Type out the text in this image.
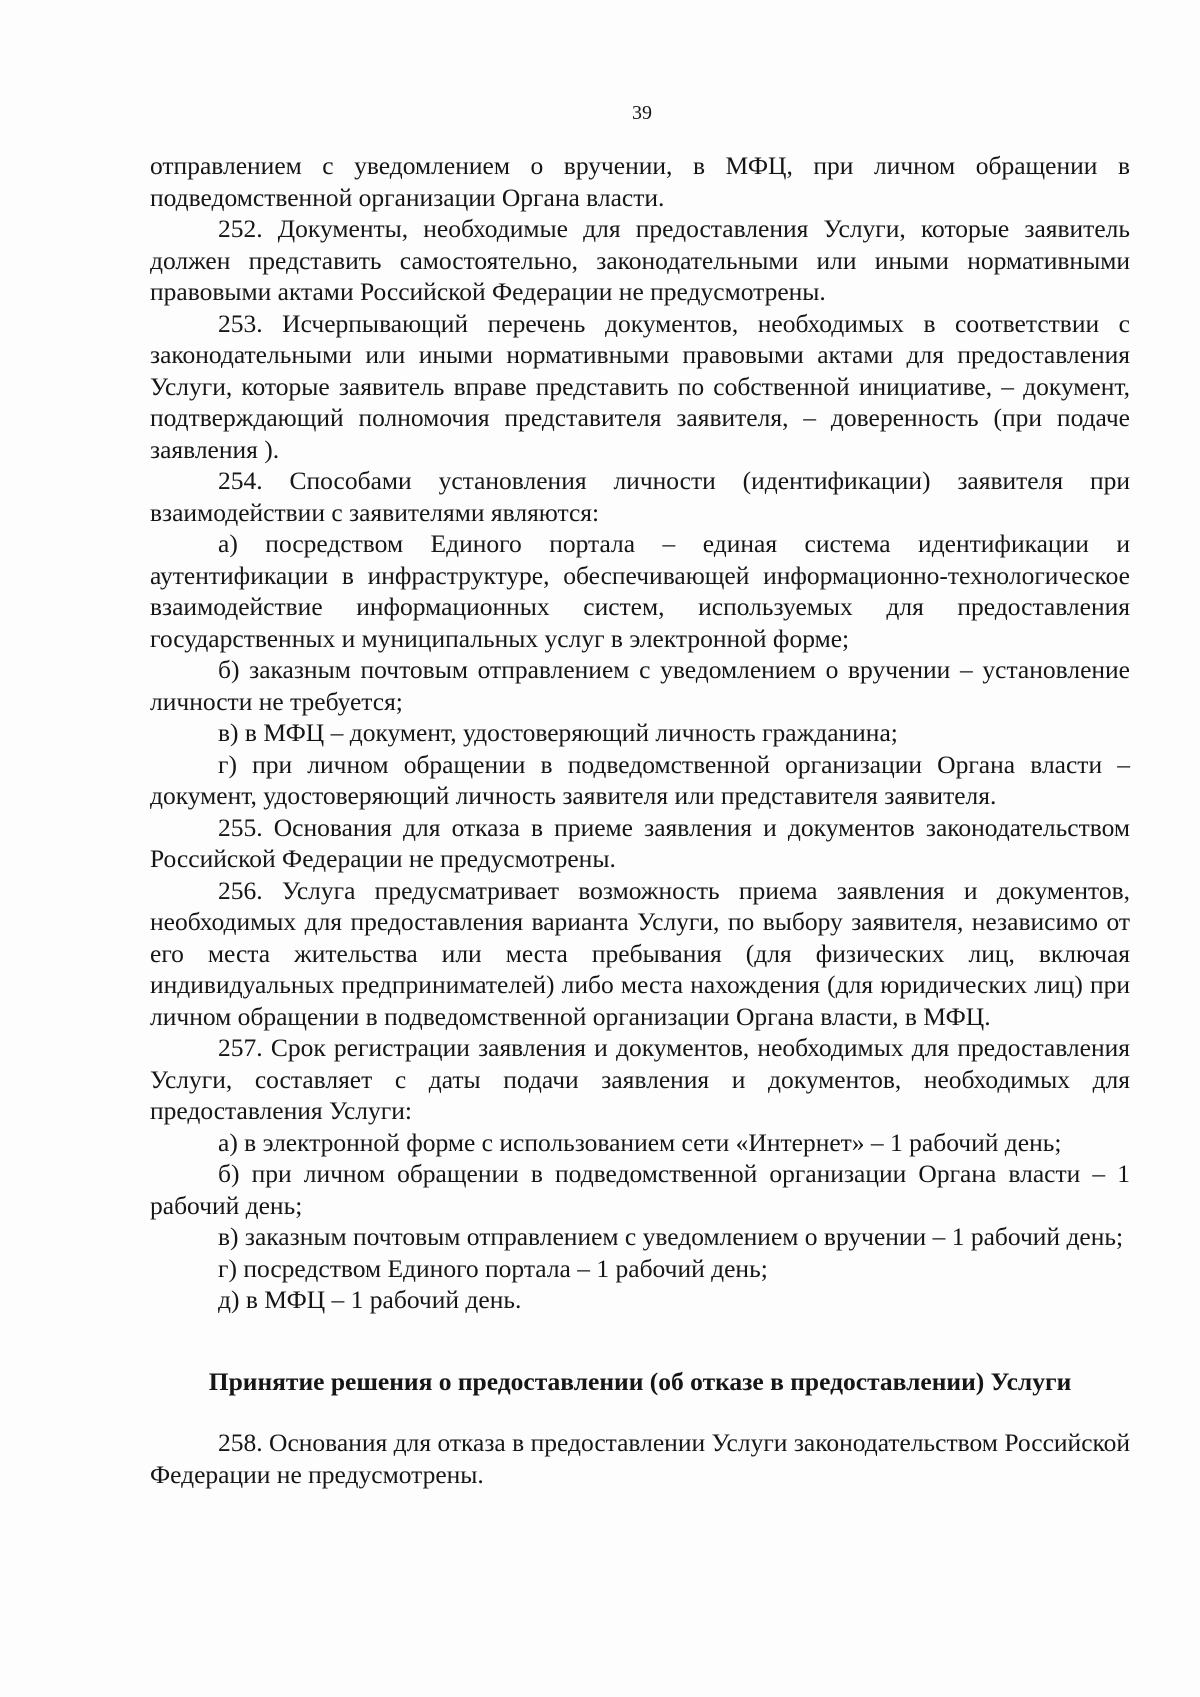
39

отправлением с уведомлением о вручении, в МФЦ, при личном обращении в подведомственной организации Органа власти.

252. Документы, необходимые для предоставления Услуги, которые заявитель должен представить самостоятельно, законодательными или иными нормативными правовыми актами Российской Федерации не предусмотрены.

253. Исчерпывающий перечень документов, необходимых в соответствии с законодательными или иными нормативными правовыми актами для предоставления Услуги, которые заявитель вправе представить по собственной инициативе, – документ, подтверждающий полномочия представителя заявителя, – доверенность (при подаче заявления ).

254. Способами установления личности (идентификации) заявителя при взаимодействии с заявителями являются:

а) посредством Единого портала – единая система идентификации и аутентификации в инфраструктуре, обеспечивающей информационно-технологическое взаимодействие информационных систем, используемых для предоставления государственных и муниципальных услуг в электронной форме;

б) заказным почтовым отправлением с уведомлением о вручении – установление личности не требуется;

в) в МФЦ – документ, удостоверяющий личность гражданина;

г) при личном обращении в подведомственной организации Органа власти – документ, удостоверяющий личность заявителя или представителя заявителя.

255. Основания для отказа в приеме заявления и документов законодательством Российской Федерации не предусмотрены.

256. Услуга предусматривает возможность приема заявления и документов, необходимых для предоставления варианта Услуги, по выбору заявителя, независимо от его места жительства или места пребывания (для физических лиц, включая индивидуальных предпринимателей) либо места нахождения (для юридических лиц) при личном обращении в подведомственной организации Органа власти, в МФЦ.

257. Срок регистрации заявления и документов, необходимых для предоставления Услуги, составляет с даты подачи заявления и документов, необходимых для предоставления Услуги:

а) в электронной форме с использованием сети «Интернет» – 1 рабочий день;

б) при личном обращении в подведомственной организации Органа власти – 1 рабочий день;

в) заказным почтовым отправлением с уведомлением о вручении – 1 рабочий день;

г) посредством Единого портала – 1 рабочий день;

д) в МФЦ – 1 рабочий день.

Принятие решения о предоставлении (об отказе в предоставлении) Услуги

258. Основания для отказа в предоставлении Услуги законодательством Российской Федерации не предусмотрены.
